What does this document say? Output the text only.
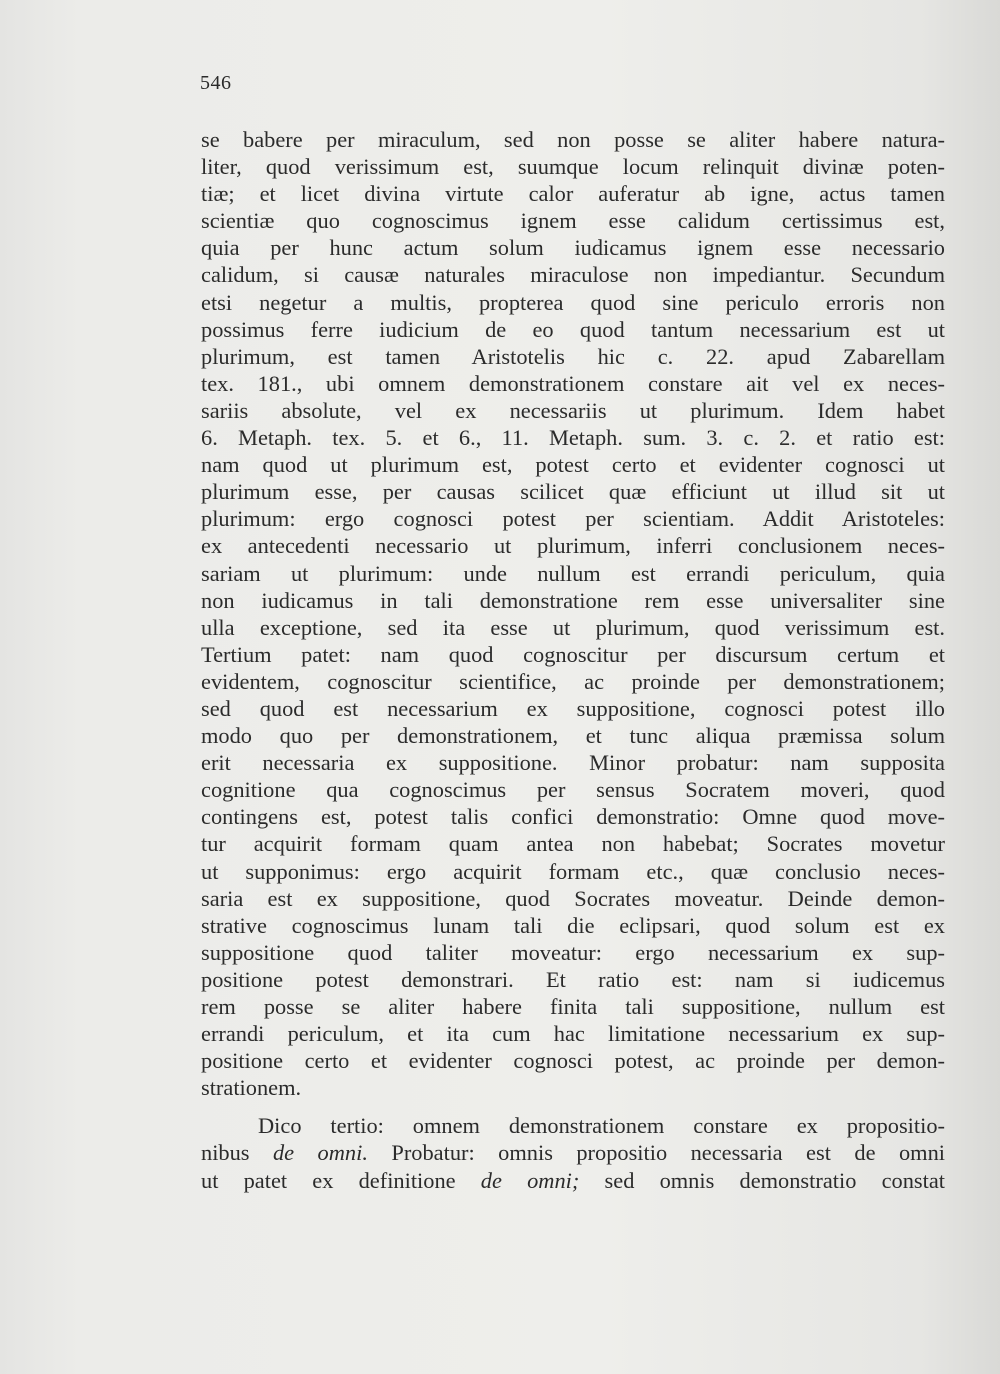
546
se babere per miraculum, sed non posse se aliter habere natura-
liter, quod verissimum est, suumque locum relinquit divinæ poten-
tiæ; et licet divina virtute calor auferatur ab igne, actus tamen
scientiæ quo cognoscimus ignem esse calidum certissimus est,
quia per hunc actum solum iudicamus ignem esse necessario
calidum, si causæ naturales miraculose non impediantur. Secundum
etsi negetur a multis, propterea quod sine periculo erroris non
possimus ferre iudicium de eo quod tantum necessarium est ut
plurimum, est tamen Aristotelis hic c. 22. apud Zabarellam
tex. 181., ubi omnem demonstrationem constare ait vel ex neces-
sariis absolute, vel ex necessariis ut plurimum. Idem habet
6. Metaph. tex. 5. et 6., 11. Metaph. sum. 3. c. 2. et ratio est:
nam quod ut plurimum est, potest certo et evidenter cognosci ut
plurimum esse, per causas scilicet quæ efficiunt ut illud sit ut
plurimum: ergo cognosci potest per scientiam. Addit Aristoteles:
ex antecedenti necessario ut plurimum, inferri conclusionem neces-
sariam ut plurimum: unde nullum est errandi periculum, quia
non iudicamus in tali demonstratione rem esse universaliter sine
ulla exceptione, sed ita esse ut plurimum, quod verissimum est.
Tertium patet: nam quod cognoscitur per discursum certum et
evidentem, cognoscitur scientifice, ac proinde per demonstrationem;
sed quod est necessarium ex suppositione, cognosci potest illo
modo quo per demonstrationem, et tunc aliqua præmissa solum
erit necessaria ex suppositione. Minor probatur: nam supposita
cognitione qua cognoscimus per sensus Socratem moveri, quod
contingens est, potest talis confici demonstratio: Omne quod move-
tur acquirit formam quam antea non habebat; Socrates movetur
ut supponimus: ergo acquirit formam etc., quæ conclusio neces-
saria est ex suppositione, quod Socrates moveatur. Deinde demon-
strative cognoscimus lunam tali die eclipsari, quod solum est ex
suppositione quod taliter moveatur: ergo necessarium ex sup-
positione potest demonstrari. Et ratio est: nam si iudicemus
rem posse se aliter habere finita tali suppositione, nullum est
errandi periculum, et ita cum hac limitatione necessarium ex sup-
positione certo et evidenter cognosci potest, ac proinde per demon-
strationem.
Dico tertio: omnem demonstrationem constare ex propositio-
nibus de omni. Probatur: omnis propositio necessaria est de omni
ut patet ex definitione de omni; sed omnis demonstratio constat
